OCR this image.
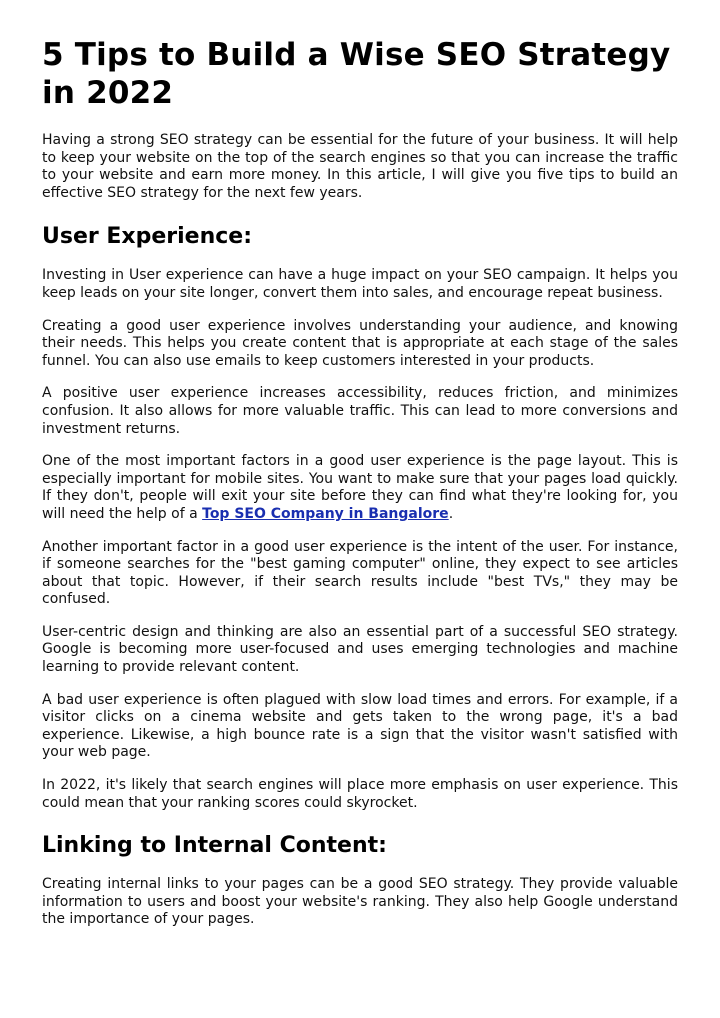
5 Tips to Build a Wise SEO Strategy in 2022

Having a strong SEO strategy can be essential for the future of your business. It will help to keep your website on the top of the search engines so that you can increase the traffic to your website and earn more money. In this article, I will give you five tips to build an effective SEO strategy for the next few years.

User Experience:

Investing in User experience can have a huge impact on your SEO campaign. It helps you keep leads on your site longer, convert them into sales, and encourage repeat business.

Creating a good user experience involves understanding your audience, and knowing their needs. This helps you create content that is appropriate at each stage of the sales funnel. You can also use emails to keep customers interested in your products.

A positive user experience increases accessibility, reduces friction, and minimizes confusion. It also allows for more valuable traffic. This can lead to more conversions and investment returns.

One of the most important factors in a good user experience is the page layout. This is especially important for mobile sites. You want to make sure that your pages load quickly. If they don't, people will exit your site before they can find what they're looking for, you will need the help of a Top SEO Company in Bangalore.

Another important factor in a good user experience is the intent of the user. For instance, if someone searches for the "best gaming computer" online, they expect to see articles about that topic. However, if their search results include "best TVs," they may be confused.

User-centric design and thinking are also an essential part of a successful SEO strategy. Google is becoming more user-focused and uses emerging technologies and machine learning to provide relevant content.

A bad user experience is often plagued with slow load times and errors. For example, if a visitor clicks on a cinema website and gets taken to the wrong page, it's a bad experience. Likewise, a high bounce rate is a sign that the visitor wasn't satisfied with your web page.

In 2022, it's likely that search engines will place more emphasis on user experience. This could mean that your ranking scores could skyrocket.

Linking to Internal Content:

Creating internal links to your pages can be a good SEO strategy. They provide valuable information to users and boost your website's ranking. They also help Google understand the importance of your pages.
